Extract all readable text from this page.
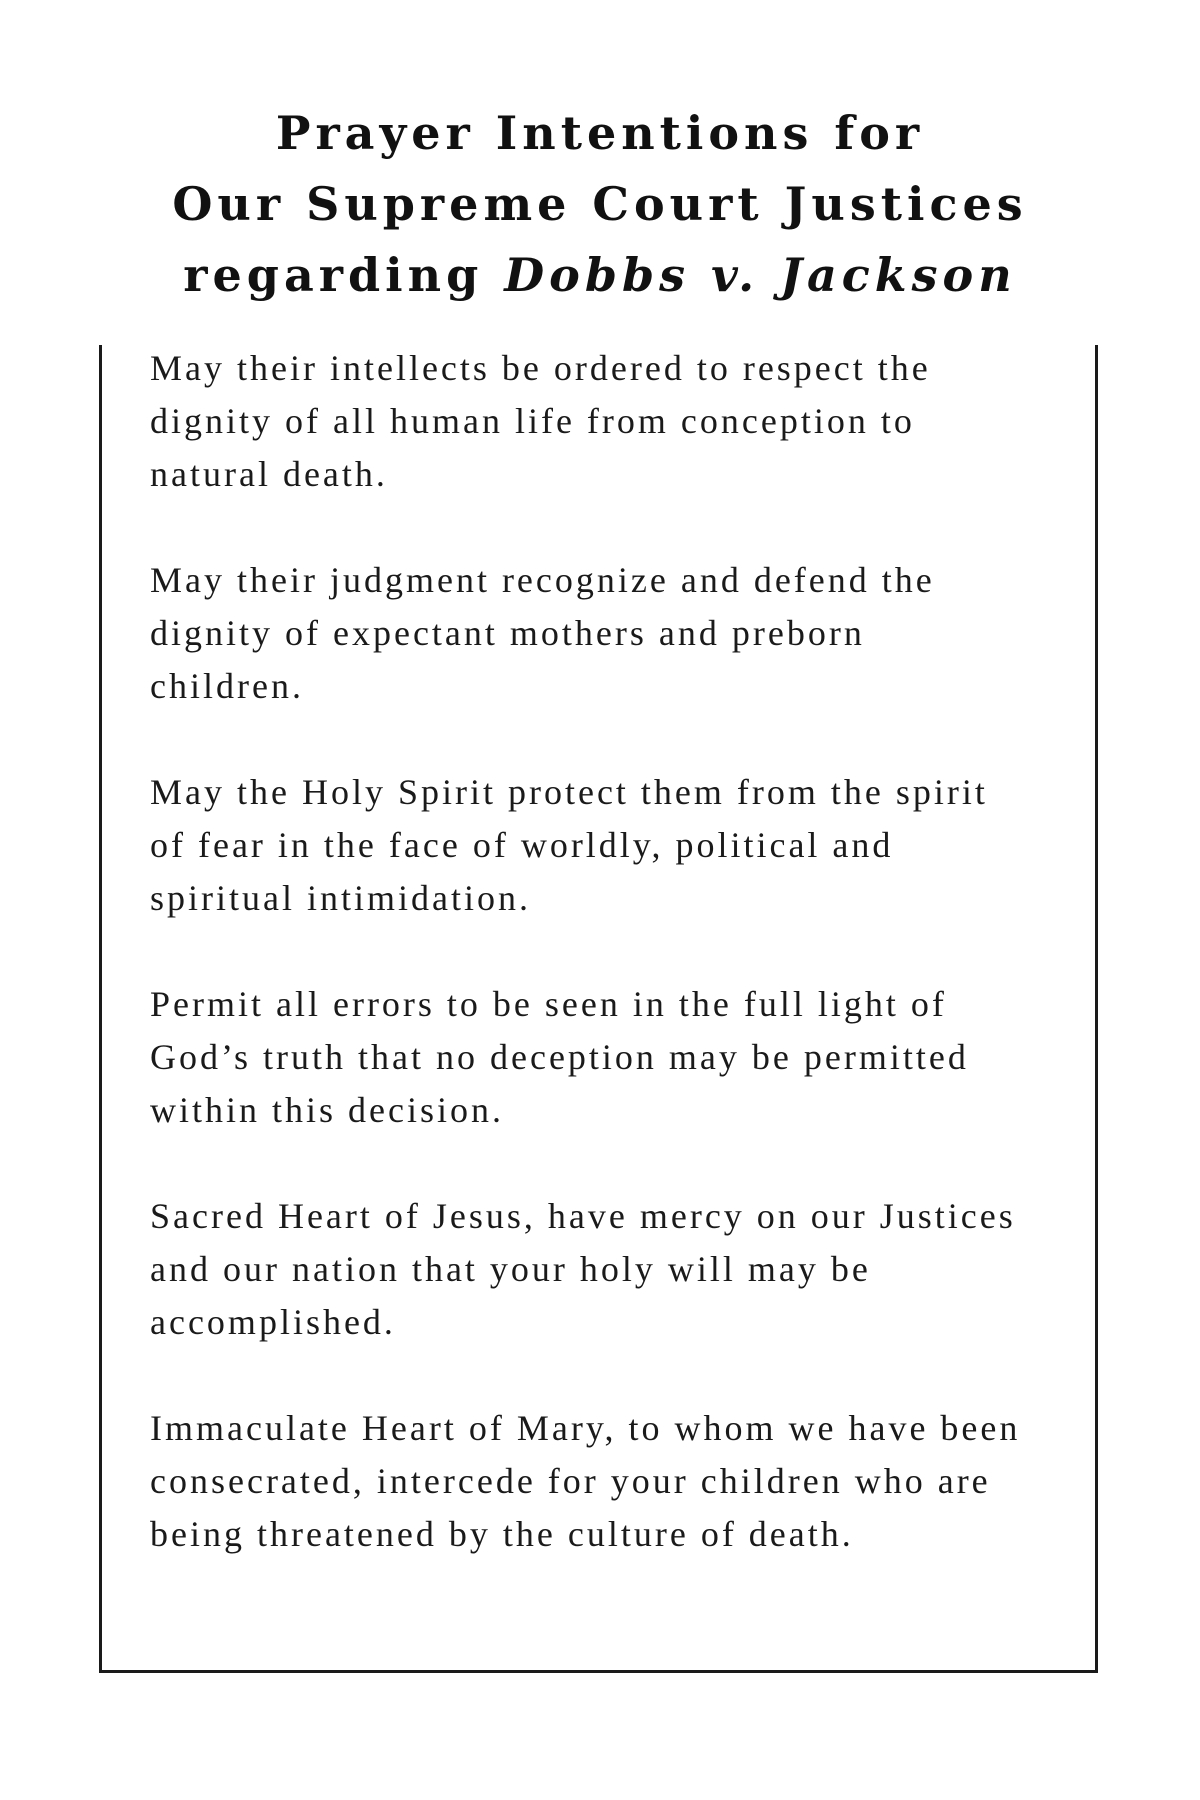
Prayer Intentions for
Our Supreme Court Justices
regarding Dobbs v. Jackson

May their intellects be ordered to respect the
dignity of all human life from conception to
natural death.

May their judgment recognize and defend the
dignity of expectant mothers and preborn
children.

May the Holy Spirit protect them from the spirit
of fear in the face of worldly, political and
spiritual intimidation.

Permit all errors to be seen in the full light of
God’s truth that no deception may be permitted
within this decision.

Sacred Heart of Jesus, have mercy on our Justices
and our nation that your holy will may be
accomplished.

Immaculate Heart of Mary, to whom we have been
consecrated, intercede for your children who are
being threatened by the culture of death.
